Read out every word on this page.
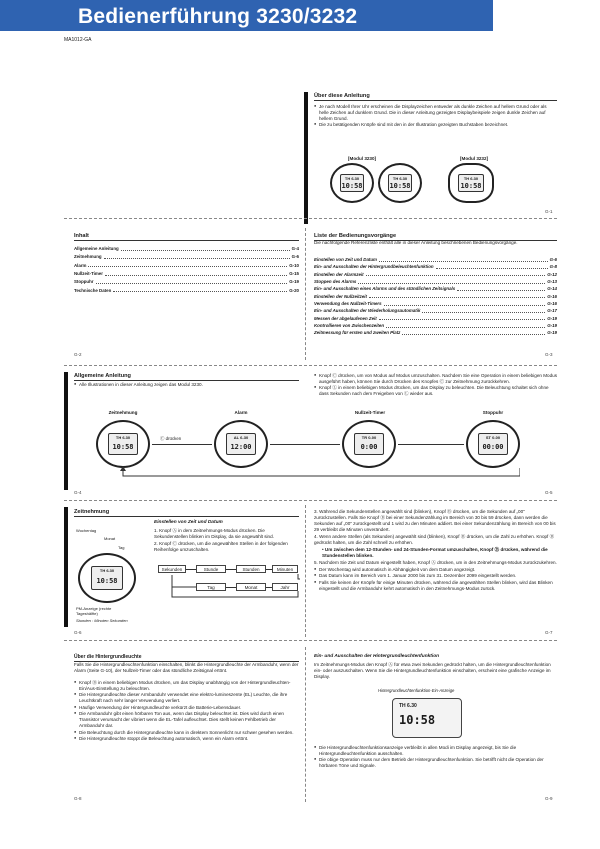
MA1012-GA
Bedienerführung 3230/3232	CASIO.
Über diese Anleitung
● Je nach Modell Ihrer Uhr erscheinen die Displayzeichen entweder als dunkle Zeichen auf hellem Grund oder als helle Zeichen auf dunklem Grund. Die in dieser Anleitung gezeigten Displaybeispiele zeigen dunkle Zeichen auf hellem Grund.
● Die zu betätigenden Knöpfe sind mit den in der Illustration gezeigten Buchstaben bezeichnet.
[Modul 3230]	[Modul 3232]
TH 6.30
10:58
TH 6.30
10:58
TH 6.30
10:58
G-1
Inhalt
Allgemeine Anleitung	G-4
Zeitnehmung	G-6
Alarm	G-10
Nullzeit-Timer	G-15
Stoppuhr	G-19
Technische Daten	G-20
G-2
Liste der Bedienungsvorgänge
Die nachfolgende Referenzliste enthält alle in dieser Anleitung beschriebenen Bedienungsvorgänge.
Einstellen von Zeit und Datum	G-6
Ein- und Ausschalten der Hintergrundbeleuchtenfunktion	G-8
Einstellen der Alarmzeit	G-12
Stoppen des Alarms	G-13
Ein- und Ausschalten eines Alarms und des stündlichen Zeitsignals	G-14
Einstellen der Nullzeitzeit	G-16
Verwendung des Nullzeit-Timers	G-16
Ein- und Ausschalten der Wiederholungsautomatik	G-17
Messen der abgelaufenen Zeit	G-19
Kontrollieren von Zwischenzeiten	G-19
Zeitmessung für ersten und zweiten Platz	G-19
G-3
Allgemeine Anleitung
● Alle Illustrationen in dieser Anleitung zeigen das Modul 3230.
● Knopf Ⓒ drücken, um von Modus auf Modus umzuschalten. Nachdem Sie eine Operation in einem beliebigen Modus ausgeführt haben, können Sie durch Drücken des Knopfes Ⓒ zur Zeitnehmung zurückkehren.
● Knopf Ⓛ in einem beliebigen Modus drücken, um das Display zu beleuchten. Die Beleuchtung schaltet sich ohne dass Sekunden nach dem Freigeben von Ⓛ wieder aus.
Zeitnehmung	Alarm	Nullzeit-Timer	Stoppuhr
TH 6.30
10:58
AL 6-30
12:00
TR 0-00
0:00
ST 0-00
00:00
Ⓒ drücken
G-4	G-5
Zeitnehmung
Wochentag
Monat
Tag
TH 6.30
10:58
PM-Anzeige (rechte Tageshälfte)
Stunden : Minuten Sekunden
Einstellen von Zeit und Datum
1. Knopf Ⓐ in dem Zeitnehmungs-Modus drücken. Die Sekundenstellen blinken im Display, da sie angewählt sind.
2. Knopf Ⓒ drücken, um die angewählten Stellen in der folgenden Reihenfolge umzuschalten.
Sekunden	Stunde	Stunden	Minuten
Tag	Monat	Jahr
3. Während die Sekundenstellen angewählt sind (blinken), Knopf Ⓑ drücken, um die Sekunden auf „00" zurückzustellen. Falls Sie Knopf Ⓑ bei einer Sekundenzählung im Bereich von 30 bis 59 drücken, dann werden die Sekunden auf „00" zurückgestellt und 1 wird zu den Minuten addiert. Bei einer Sekundenzählung im Bereich von 00 bis 29 verbleibt die Minuten unverändert.
4. Wenn andere Stellen (als Sekunden) angewählt sind (blinken), Knopf Ⓑ drücken, um die Zahl zu erhöhen. Knopf Ⓑ gedrückt halten, um die Zahl schnell zu erhöhen.
• Um zwischen dem 12-Stunden- und 24-Stunden-Format umzuschalten, Knopf Ⓓ drücken, während die Stundenstellen blinken.
5. Nachdem Sie Zeit und Datum eingestellt haben, Knopf Ⓐ drücken, um in den Zeitnehmungs-Modus zurückzukehren.
● Der Wochentag wird automatisch in Abhängigkeit von dem Datum angezeigt.
● Das Datum kann im Bereich vom 1. Januar 2000 bis zum 31. Dezember 2099 eingestellt werden.
● Falls Sie keinen der Knöpfe für einige Minuten drücken, während die angewählten Stellen blinken, wird das Blinken eingestellt und die Armbanduhr kehrt automatisch in den Zeitnehmungs-Modus zurück.
G-6	G-7
Über die Hintergrundleuchte
Falls Sie die Hintergrundleuchtenfunktion einschalten, blinkt die Hintergrundleuchte der Armbanduhr, wenn der Alarm (Seite G-10), der Nullzeit-Timer oder das stündliche Zeitsignal ertönt.
● Knopf Ⓑ in einem beliebigen Modus drücken, um das Display unabhängig von der Hintergrundleuchten-Ein/Aus-Einstellung zu beleuchten.
● Die Hintergrundleuchte dieser Armbanduhr verwendet eine elektro-lumineszente (EL) Leuchte, die ihre Leuchtkraft nach sehr langer Verwendung verliert.
● Häufige Verwendung der Hintergrundleuchte verkürzt die Batterie-Lebensdauer.
● Die Armbanduhr gibt einen hörbaren Ton aus, wenn das Display beleuchtet ist. Dies wird durch einen Transistor verursacht der vibriert wenn die EL-Tafel aufleuchtet. Dies stellt keinen Fehlbetrieb der Armbanduhr dar.
● Die Beleuchtung durch die Hintergrundleuchte kann in direktem Sonnenlicht nur schwer gesehen werden.
● Die Hintergrundleuchte stoppt die Beleuchtung automatisch, wenn ein Alarm ertönt.
Ein- und Ausschalten der Hintergrundleuchtenfunktion
Im Zeitnehmungs-Modus den Knopf Ⓐ für etwa zwei Sekunden gedrückt halten, um die Hintergrundleuchtenfunktion ein- oder auszuschalten. Wenn Sie die Hintergrundleuchtenfunktion einschalten, erscheint eine grafische Anzeige im Display.
Hintergrundleuchtenfunktion-Ein-Anzeige
TH 6.30
10:58
● Die Hintergrundleuchtenfunktionsanzeige verbleibt in allen Modi im Display angezeigt, bis Sie die Hintergrundleuchtenfunktion ausschalten.
● Die obige Operation muss nur dem Betrieb der Hintergrundleuchtenfunktion. Sie betrifft nicht die Operation der hörbaren Töne und Signale.
G-8	G-9
